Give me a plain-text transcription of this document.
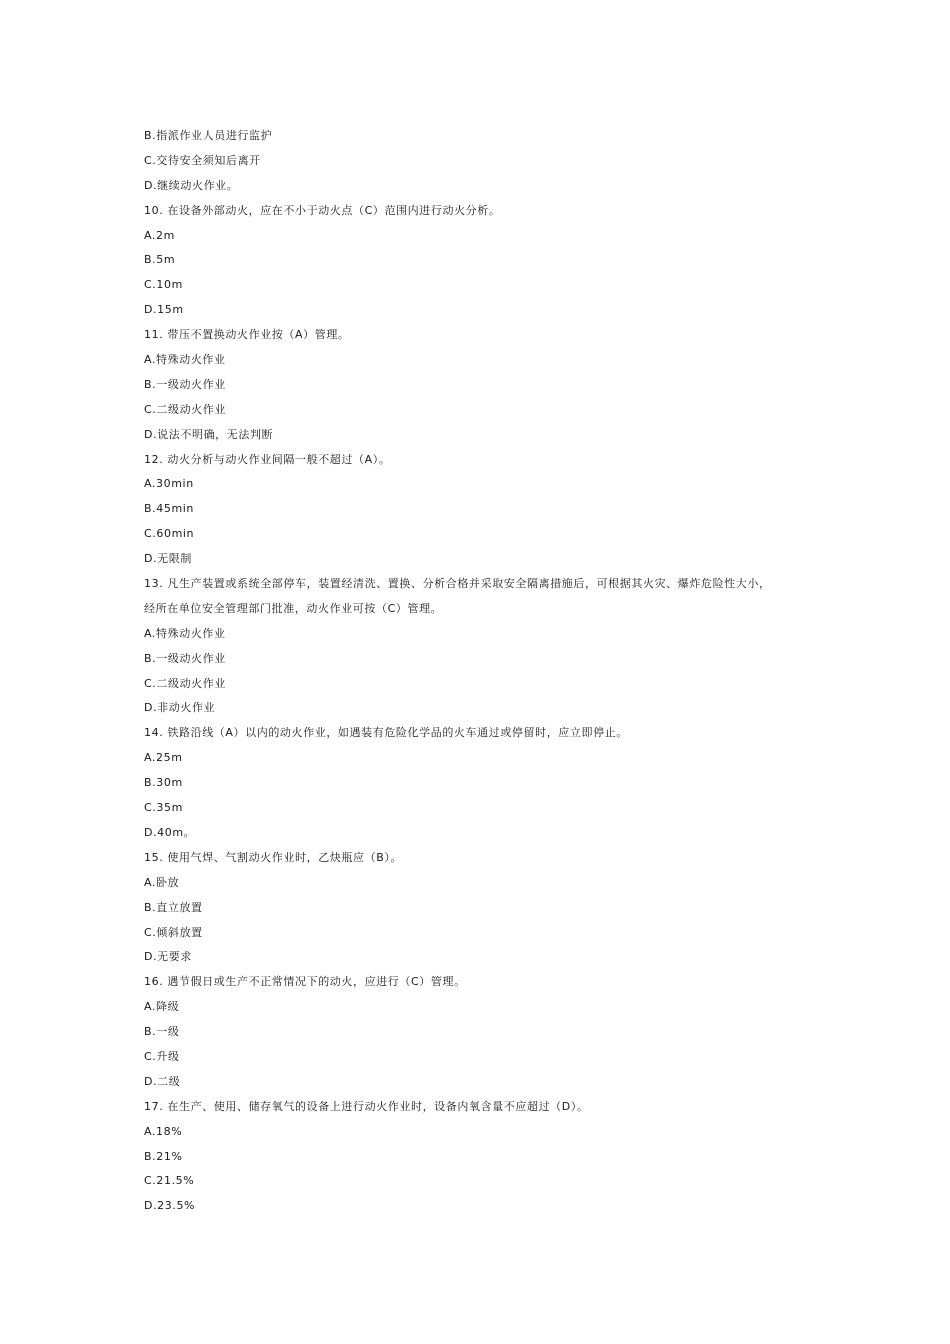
B.指派作业人员进行监护
C.交待安全须知后离开
D.继续动火作业。
10. 在设备外部动火，应在不小于动火点（C）范围内进行动火分析。
A.2m
B.5m
C.10m
D.15m
11. 带压不置换动火作业按（A）管理。
A.特殊动火作业
B.一级动火作业
C.二级动火作业
D.说法不明确，无法判断
12. 动火分析与动火作业间隔一般不超过（A）。
A.30min
B.45min
C.60min
D.无限制
13. 凡生产装置或系统全部停车，装置经清洗、置换、分析合格并采取安全隔离措施后，可根据其火灾、爆炸危险性大小，
经所在单位安全管理部门批准，动火作业可按（C）管理。
A.特殊动火作业
B.一级动火作业
C.二级动火作业
D.非动火作业
14. 铁路沿线（A）以内的动火作业，如遇装有危险化学品的火车通过或停留时，应立即停止。
A.25m
B.30m
C.35m
D.40m。
15. 使用气焊、气割动火作业时，乙炔瓶应（B）。
A.卧放
B.直立放置
C.倾斜放置
D.无要求
16. 遇节假日或生产不正常情况下的动火，应进行（C）管理。
A.降级
B.一级
C.升级
D.二级
17. 在生产、使用、储存氧气的设备上进行动火作业时，设备内氧含量不应超过（D）。
A.18%
B.21%
C.21.5%
D.23.5%
